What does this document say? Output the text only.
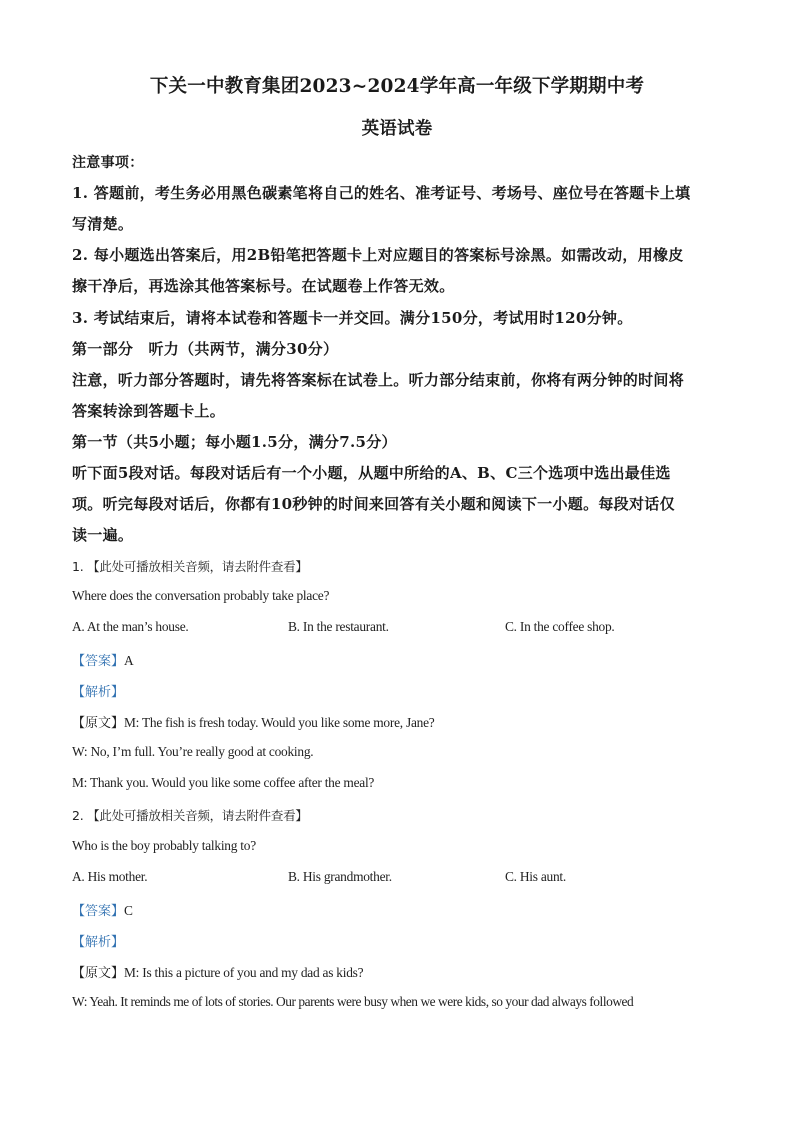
下关一中教育集团2023~2024学年高一年级下学期期中考
英语试卷
注意事项：
1. 答题前，考生务必用黑色碳素笔将自己的姓名、准考证号、考场号、座位号在答题卡上填
写清楚。
2. 每小题选出答案后，用2B铅笔把答题卡上对应题目的答案标号涂黑。如需改动，用橡皮
擦干净后，再选涂其他答案标号。在试题卷上作答无效。
3. 考试结束后，请将本试卷和答题卡一并交回。满分150分，考试用时120分钟。
第一部分　听力（共两节，满分30分）
注意，听力部分答题时，请先将答案标在试卷上。听力部分结束前，你将有两分钟的时间将
答案转涂到答题卡上。
第一节（共5小题；每小题1.5分，满分7.5分）
听下面5段对话。每段对话后有一个小题，从题中所给的A、B、C三个选项中选出最佳选
项。听完每段对话后，你都有10秒钟的时间来回答有关小题和阅读下一小题。每段对话仅
读一遍。
1. 【此处可播放相关音频，请去附件查看】
Where does the conversation probably take place?
A. At the man’s house.	B. In the restaurant.	C. In the coffee shop.
【答案】A
【解析】
【原文】M: The fish is fresh today. Would you like some more, Jane?
W: No, I’m full. You’re really good at cooking.
M: Thank you. Would you like some coffee after the meal?
2. 【此处可播放相关音频，请去附件查看】
Who is the boy probably talking to?
A. His mother.	B. His grandmother.	C. His aunt.
【答案】C
【解析】
【原文】M: Is this a picture of you and my dad as kids?
W: Yeah. It reminds me of lots of stories. Our parents were busy when we were kids, so your dad always followed
